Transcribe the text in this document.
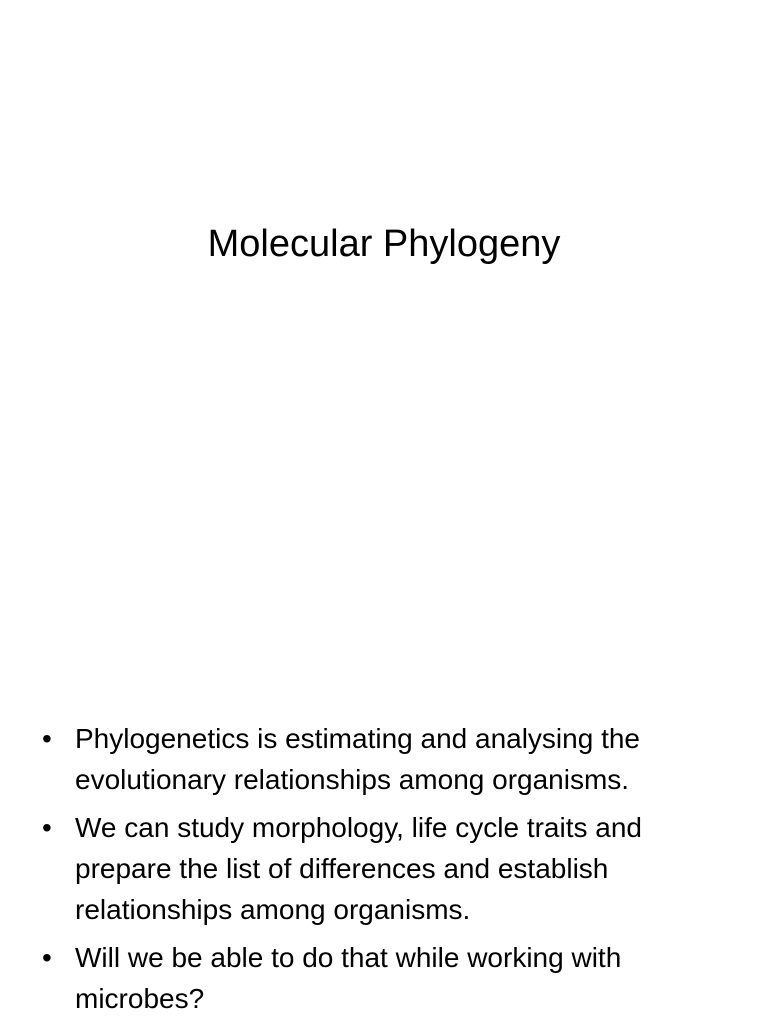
Molecular Phylogeny
• Phylogenetics is estimating and analysing the evolutionary relationships among organisms.
• We can study morphology, life cycle traits and prepare the list of differences and establish relationships among organisms.
• Will we be able to do that while working with microbes?
